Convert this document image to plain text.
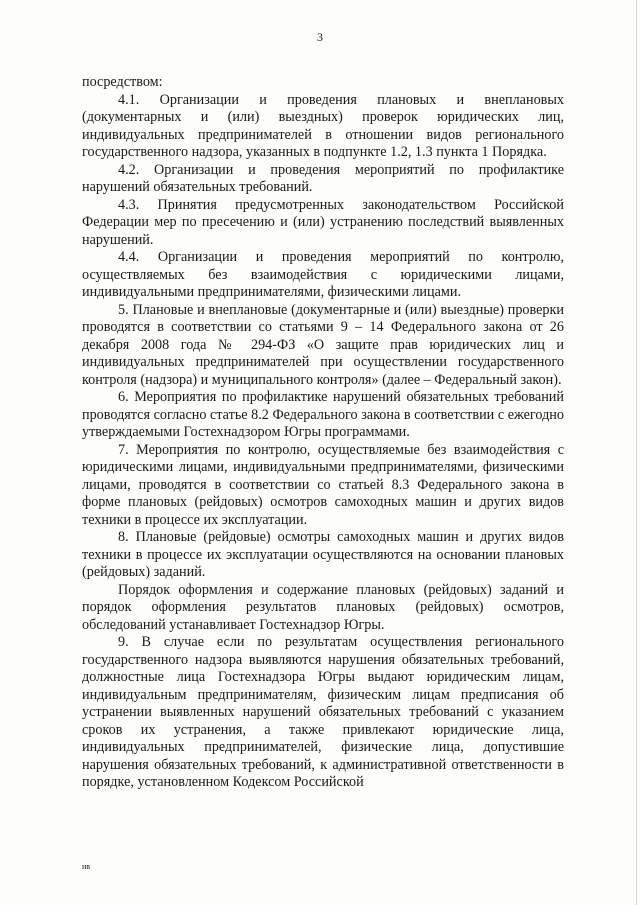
3

посредством:

4.1. Организации и проведения плановых и внеплановых (документарных и (или) выездных) проверок юридических лиц, индивидуальных предпринимателей в отношении видов регионального государственного надзора, указанных в подпункте 1.2, 1.3 пункта 1 Порядка.

4.2. Организации и проведения мероприятий по профилактике нарушений обязательных требований.

4.3. Принятия предусмотренных законодательством Российской Федерации мер по пресечению и (или) устранению последствий выявленных нарушений.

4.4. Организации и проведения мероприятий по контролю, осуществляемых без взаимодействия с юридическими лицами, индивидуальными предпринимателями, физическими лицами.

5. Плановые и внеплановые (документарные и (или) выездные) проверки проводятся в соответствии со статьями 9 – 14 Федерального закона от 26 декабря 2008 года № 294-ФЗ «О защите прав юридических лиц и индивидуальных предпринимателей при осуществлении государственного контроля (надзора) и муниципального контроля» (далее – Федеральный закон).

6. Мероприятия по профилактике нарушений обязательных требований проводятся согласно статье 8.2 Федерального закона в соответствии с ежегодно утверждаемыми Гостехнадзором Югры программами.

7. Мероприятия по контролю, осуществляемые без взаимодействия с юридическими лицами, индивидуальными предпринимателями, физическими лицами, проводятся в соответствии со статьей 8.3 Федерального закона в форме плановых (рейдовых) осмотров самоходных машин и других видов техники в процессе их эксплуатации.

8. Плановые (рейдовые) осмотры самоходных машин и других видов техники в процессе их эксплуатации осуществляются на основании плановых (рейдовых) заданий.

Порядок оформления и содержание плановых (рейдовых) заданий и порядок оформления результатов плановых (рейдовых) осмотров, обследований устанавливает Гостехнадзор Югры.

9. В случае если по результатам осуществления регионального государственного надзора выявляются нарушения обязательных требований, должностные лица Гостехнадзора Югры выдают юридическим лицам, индивидуальным предпринимателям, физическим лицам предписания об устранении выявленных нарушений обязательных требований с указанием сроков их устранения, а также привлекают юридические лица, индивидуальных предпринимателей, физические лица, допустившие нарушения обязательных требований, к административной ответственности в порядке, установленном Кодексом Российской

ив
